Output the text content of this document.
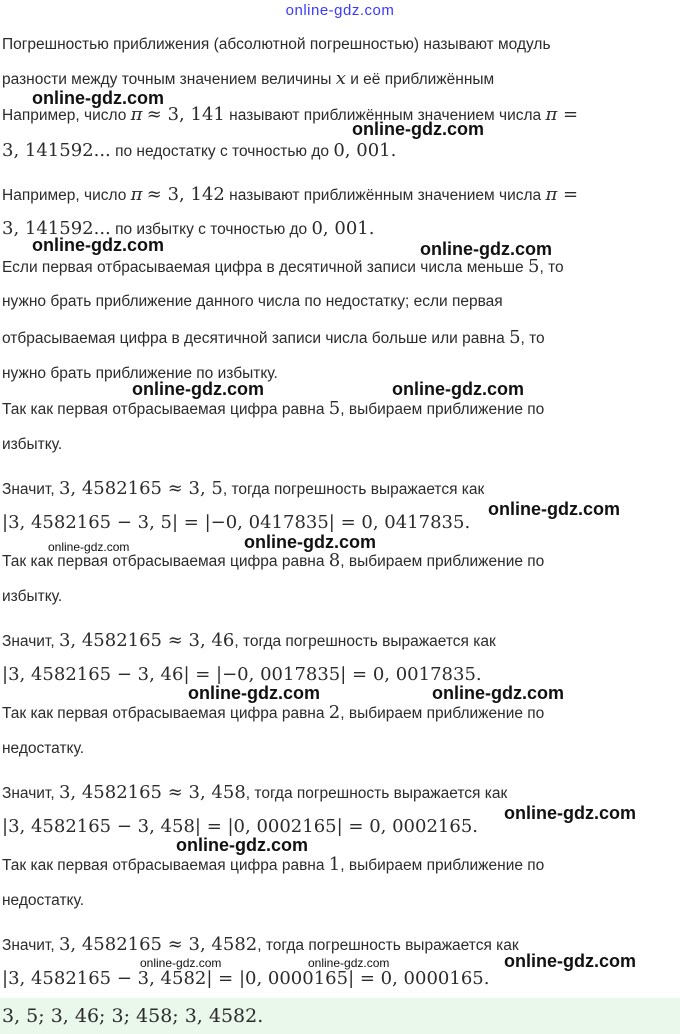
online-gdz.com
Погрешностью приближения (абсолютной погрешностью) называют модуль
разности между точным значением величины x и её приближённым
Например, число π ≈ 3, 141 называют приближённым значением числа π =
3, 141592... по недостатку с точностью до 0, 001.
Например, число π ≈ 3, 142 называют приближённым значением числа π =
3, 141592... по избытку с точностью до 0, 001.
Если первая отбрасываемая цифра в десятичной записи числа меньше 5, то
нужно брать приближение данного числа по недостатку; если первая
отбрасываемая цифра в десятичной записи числа больше или равна 5, то
нужно брать приближение по избытку.
Так как первая отбрасываемая цифра равна 5, выбираем приближение по
избытку.
Значит, 3, 4582165 ≈ 3, 5, тогда погрешность выражается как
|3, 4582165 − 3, 5| = |−0, 0417835| = 0, 0417835.
Так как первая отбрасываемая цифра равна 8, выбираем приближение по
избытку.
Значит, 3, 4582165 ≈ 3, 46, тогда погрешность выражается как
|3, 4582165 − 3, 46| = |−0, 0017835| = 0, 0017835.
Так как первая отбрасываемая цифра равна 2, выбираем приближение по
недостатку.
Значит, 3, 4582165 ≈ 3, 458, тогда погрешность выражается как
|3, 4582165 − 3, 458| = |0, 0002165| = 0, 0002165.
Так как первая отбрасываемая цифра равна 1, выбираем приближение по
недостатку.
Значит, 3, 4582165 ≈ 3, 4582, тогда погрешность выражается как
|3, 4582165 − 3, 4582| = |0, 0000165| = 0, 0000165.
3, 5; 3, 46; 3; 458; 3, 4582.
online-gdz.com
online-gdz.com
online-gdz.com	online-gdz.com
online-gdz.com	online-gdz.com
online-gdz.com
online-gdz.com	online-gdz.com
online-gdz.com	online-gdz.com
online-gdz.com
online-gdz.com
online-gdz.com	online-gdz.com	online-gdz.com
